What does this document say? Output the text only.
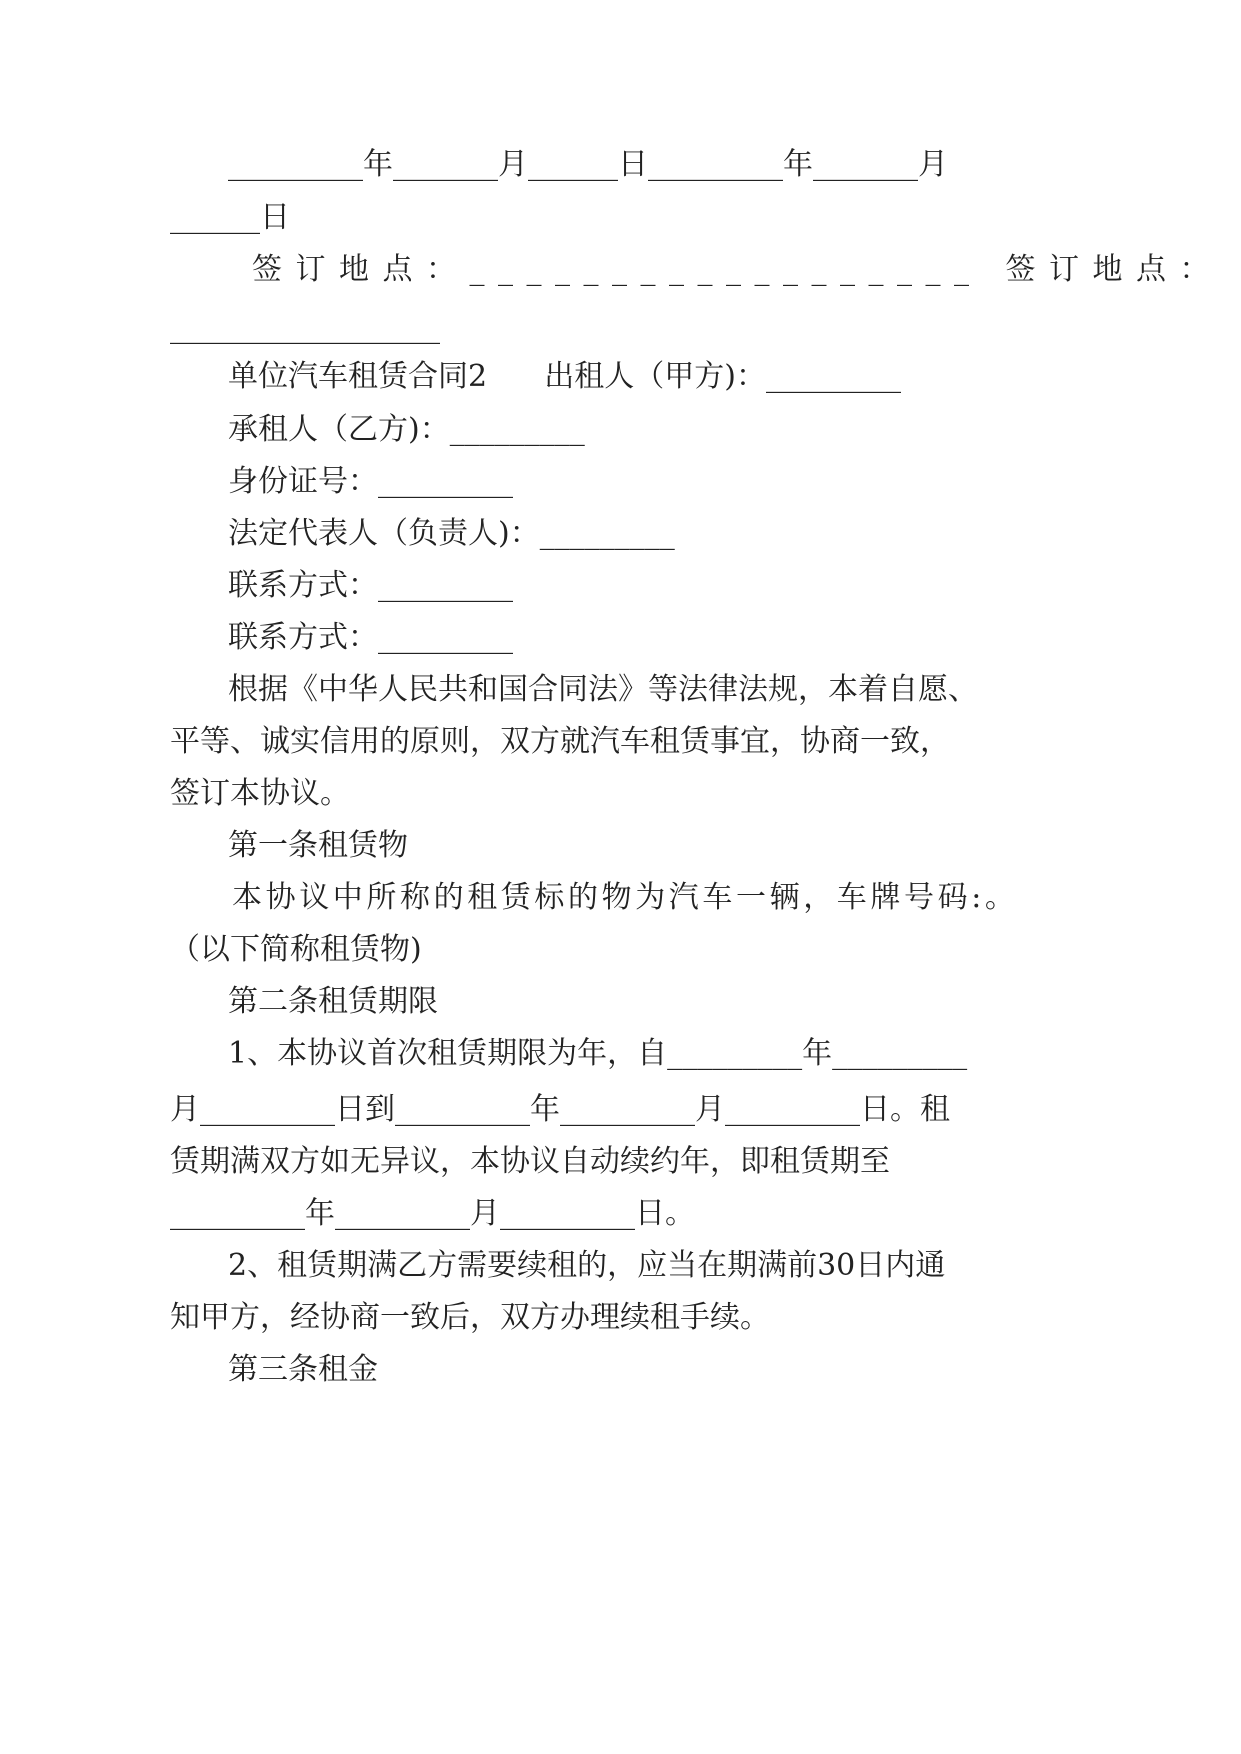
_________年_______月______日_________年_______月
______日
签订地点：__________________ 签订地点：
__________________
单位汽车租赁合同2      出租人（甲方)：_________
承租人（乙方)：_________
身份证号：_________
法定代表人（负责人)：_________
联系方式：_________
联系方式：_________
根据《中华人民共和国合同法》等法律法规，本着自愿、
平等、诚实信用的原则，双方就汽车租赁事宜，协商一致，
签订本协议。
第一条租赁物
本协议中所称的租赁标的物为汽车一辆，车牌号码:。
（以下简称租赁物)
第二条租赁期限
1、本协议首次租赁期限为年，自_________年_________
月_________日到_________年_________月_________日。租
赁期满双方如无异议，本协议自动续约年，即租赁期至
_________年_________月_________日。
2、租赁期满乙方需要续租的，应当在期满前30日内通
知甲方，经协商一致后，双方办理续租手续。
第三条租金
